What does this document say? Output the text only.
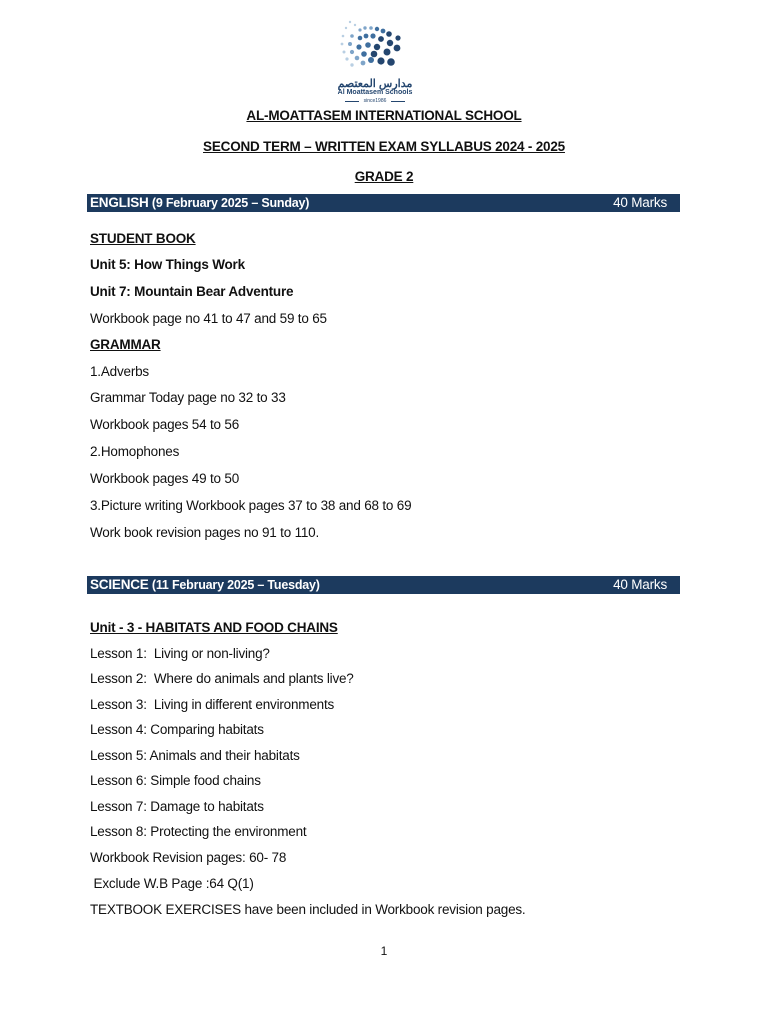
مدارس المعتصم
Al Moattasem Schools
since1986
AL-MOATTASEM INTERNATIONAL SCHOOL
SECOND TERM – WRITTEN EXAM SYLLABUS 2024 - 2025
GRADE 2
ENGLISH (9 February 2025 – Sunday)	40 Marks
STUDENT BOOK
Unit 5: How Things Work
Unit 7: Mountain Bear Adventure
Workbook page no 41 to 47 and 59 to 65
GRAMMAR
1.Adverbs
Grammar Today page no 32 to 33
Workbook pages 54 to 56
2.Homophones
Workbook pages 49 to 50
3.Picture writing Workbook pages 37 to 38 and 68 to 69
Work book revision pages no 91 to 110.
SCIENCE (11 February 2025 – Tuesday)	40 Marks
Unit - 3 - HABITATS AND FOOD CHAINS
Lesson 1:  Living or non-living?
Lesson 2:  Where do animals and plants live?
Lesson 3:  Living in different environments
Lesson 4: Comparing habitats
Lesson 5: Animals and their habitats
Lesson 6: Simple food chains
Lesson 7: Damage to habitats
Lesson 8: Protecting the environment
Workbook Revision pages: 60- 78
Exclude W.B Page :64 Q(1)
TEXTBOOK EXERCISES have been included in Workbook revision pages.
1
